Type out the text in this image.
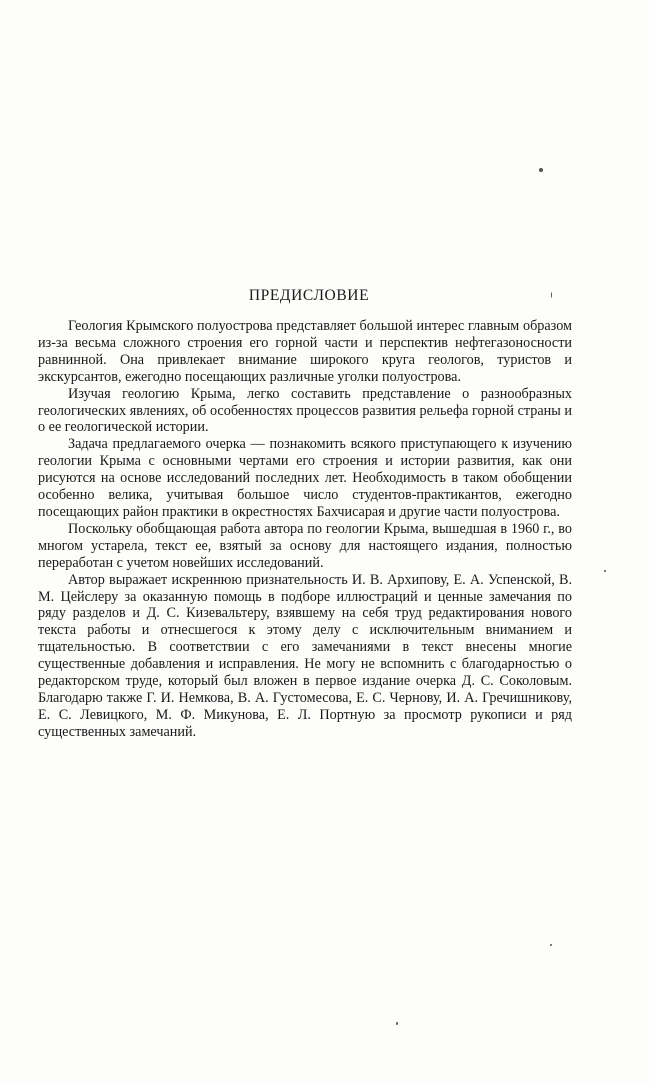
ПРЕДИСЛОВИЕ

Геология Крымского полуострова представляет большой интерес главным образом из-за весьма сложного строения его горной части и перспектив нефтегазоносности равнинной. Она привлекает внимание широкого круга геологов, туристов и экскурсантов, ежегодно посещающих различные уголки полуострова.

Изучая геологию Крыма, легко составить представление о разнообразных геологических явлениях, об особенностях процессов развития рельефа горной страны и о ее геологической истории.

Задача предлагаемого очерка — познакомить всякого приступающего к изучению геологии Крыма с основными чертами его строения и истории развития, как они рисуются на основе исследований последних лет. Необходимость в таком обобщении особенно велика, учитывая большое число студентов-практикантов, ежегодно посещающих район практики в окрестностях Бахчисарая и другие части полуострова.

Поскольку обобщающая работа автора по геологии Крыма, вышедшая в 1960 г., во многом устарела, текст ее, взятый за основу для настоящего издания, полностью переработан с учетом новейших исследований.

Автор выражает искреннюю признательность И. В. Архипову, Е. А. Успенской, В. М. Цейслеру за оказанную помощь в подборе иллюстраций и ценные замечания по ряду разделов и Д. С. Кизевальтеру, взявшему на себя труд редактирования нового текста работы и отнесшегося к этому делу с исключительным вниманием и тщательностью. В соответствии с его замечаниями в текст внесены многие существенные добавления и исправления. Не могу не вспомнить с благодарностью о редакторском труде, который был вложен в первое издание очерка Д. С. Соколовым. Благодарю также Г. И. Немкова, В. А. Густомесова, Е. С. Чернову, И. А. Гречишникову, Е. С. Левицкого, М. Ф. Микунова, Е. Л. Портную за просмотр рукописи и ряд существенных замечаний.
